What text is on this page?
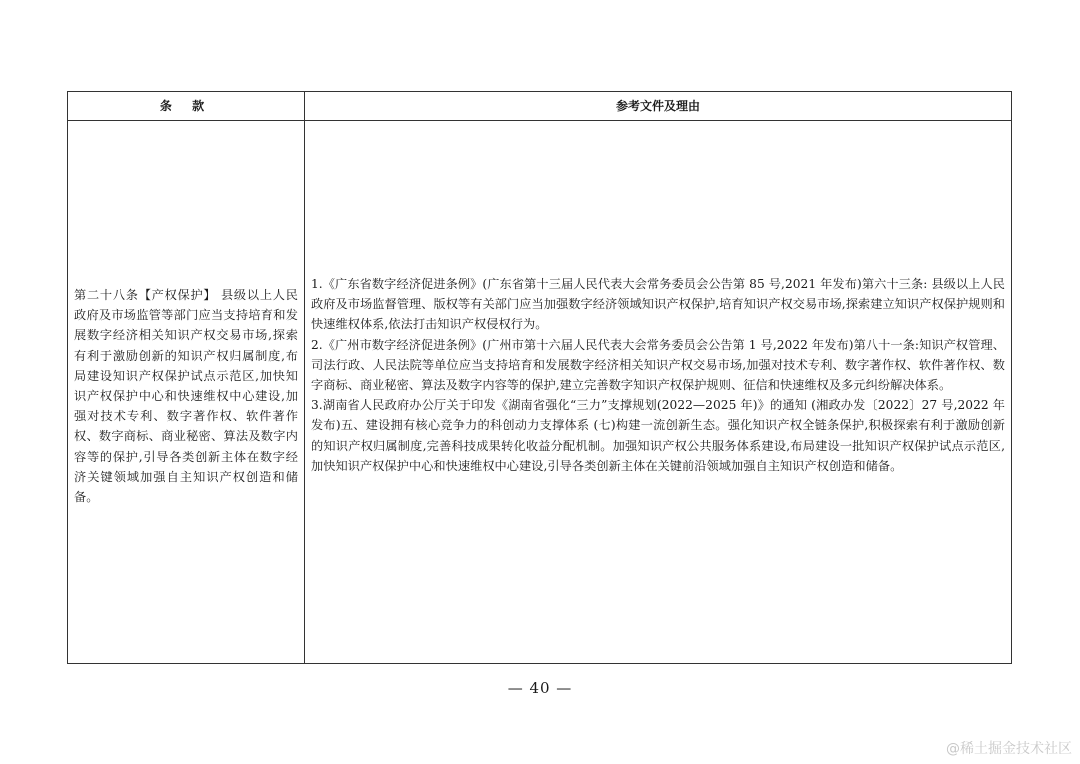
条 款	参考文件及理由

第二十八条【产权保护】 县级以上人民政府及市场监管等部门应当支持培育和发展数字经济相关知识产权交易市场,探索有利于激励创新的知识产权归属制度,布局建设知识产权保护试点示范区,加快知识产权保护中心和快速维权中心建设,加强对技术专利、数字著作权、软件著作权、数字商标、商业秘密、算法及数字内容等的保护,引导各类创新主体在数字经济关键领域加强自主知识产权创造和储备。

1.《广东省数字经济促进条例》(广东省第十三届人民代表大会常务委员会公告第 85 号,2021 年发布)第六十三条: 县级以上人民政府及市场监督管理、版权等有关部门应当加强数字经济领域知识产权保护,培育知识产权交易市场,探索建立知识产权保护规则和快速维权体系,依法打击知识产权侵权行为。

2.《广州市数字经济促进条例》(广州市第十六届人民代表大会常务委员会公告第 1 号,2022 年发布)第八十一条:知识产权管理、司法行政、人民法院等单位应当支持培育和发展数字经济相关知识产权交易市场,加强对技术专利、数字著作权、软件著作权、数字商标、商业秘密、算法及数字内容等的保护,建立完善数字知识产权保护规则、征信和快速维权及多元纠纷解决体系。

3.湖南省人民政府办公厅关于印发《湖南省强化“三力”支撑规划(2022—2025 年)》的通知 (湘政办发〔2022〕27 号,2022 年发布)五、建设拥有核心竞争力的科创动力支撑体系 (七)构建一流创新生态。强化知识产权全链条保护,积极探索有利于激励创新的知识产权归属制度,完善科技成果转化收益分配机制。加强知识产权公共服务体系建设,布局建设一批知识产权保护试点示范区,加快知识产权保护中心和快速维权中心建设,引导各类创新主体在关键前沿领域加强自主知识产权创造和储备。

— 40 —
@稀土掘金技术社区
